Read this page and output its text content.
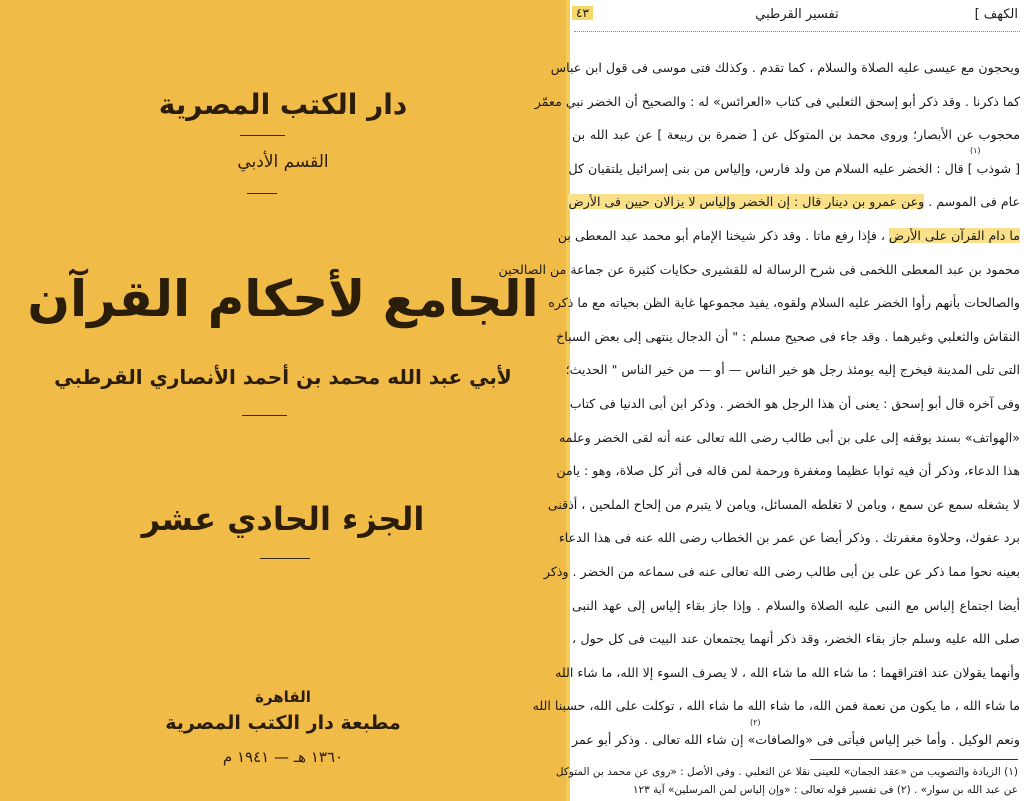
دار الكتب المصرية
القسم الأدبي
الجامع لأحكام القرآن
لأبي عبد الله محمد بن أحمد الأنصاري القرطبي
الجزء الحادي عشر
القاهرة
مطبعة دار الكتب المصرية
١٣٦٠ هـ — ١٩٤١ م
الكهف ]
تفسير القرطبي
٤٣
ويحجون مع عيسى عليه الصلاة والسلام ، كما تقدم . وكذلك فتى موسى فى قول ابن عباس
كما ذكرنا . وقد ذكر أبو إسحق الثعلبي فى كتاب «العرائس» له : والصحيح أن الخضر نبي معمّر
محجوب عن الأبصار؛ وروى محمد بن المتوكل عن [ ضمرة بن ربيعة ] عن عبد الله بن
[ شوذب ] قال : الخضر عليه السلام من ولد فارس، وإلياس من بنى إسرائيل يلتقيان كل
عام فى الموسم . وعن عمرو بن دينار قال : إن الخضر وإلياس لا يزالان حيين فى الأرض
ما دام القرآن على الأرض ، فإذا رفع ماتا . وقد ذكر شيخنا الإمام أبو محمد عبد المعطى بن
محمود بن عبد المعطى اللخمى فى شرح الرسالة له للقشيرى حكايات كثيرة عن جماعة من الصالحين
والصالحات بأنهم رأوا الخضر عليه السلام ولقوه، يفيد مجموعها غاية الظن بحياته مع ما ذكره
النقاش والثعلبي وغيرهما . وقد جاء فى صحيح مسلم : " أن الدجال ينتهى إلى بعض السباخ
التى تلى المدينة فيخرج إليه يومئذ رجل هو خير الناس — أو — من خير الناس " الحديث؛
وفى آخره قال أبو إسحق : يعنى أن هذا الرجل هو الخضر . وذكر ابن أبى الدنيا فى كتاب
«الهواتف» بسند يوقفه إلى على بن أبى طالب رضى الله تعالى عنه أنه لقى الخضر وعلمه
هذا الدعاء، وذكر أن فيه ثوابا عظيما ومغفرة ورحمة لمن قاله فى أثر كل صلاة، وهو : يامن
لا يشغله سمع عن سمع ، ويامن لا تغلطه المسائل، ويامن لا يتبرم من إلحاح الملحين ، أذقنى
برد عفوك، وحلاوة مغفرتك . وذكر أيضا عن عمر بن الخطاب رضى الله عنه فى هذا الدعاء
بعينه نحوا مما ذكر عن على بن أبى طالب رضى الله تعالى عنه فى سماعه من الخضر . وذكر
أيضا اجتماع إلياس مع النبى عليه الصلاة والسلام . وإذا جاز بقاء إلياس إلى عهد النبى
صلى الله عليه وسلم جاز بقاء الخضر، وقد ذكر أنهما يجتمعان عند البيت فى كل حول ،
وأنهما يقولان عند افتراقهما : ما شاء الله ما شاء الله ، لا يصرف السوء إلا الله، ما شاء الله
ما شاء الله ، ما يكون من نعمة فمن الله، ما شاء الله ما شاء الله ، توكلت على الله، حسبنا الله
ونعم الوكيل . وأما خبر إلياس فيأتى فى «والصافات» إن شاء الله تعالى . وذكر أبو عمر
(١)
(٢)
(١) الزيادة والتصويب من «عقد الجمان» للعينى نقلا عن الثعلبي . وفى الأصل : «روى عن محمد بن المتوكل
عن عبد الله بن سوار» . (٢) فى تفسير قوله تعالى : «وإن إلياس لمن المرسلين» آية ١٢٣
